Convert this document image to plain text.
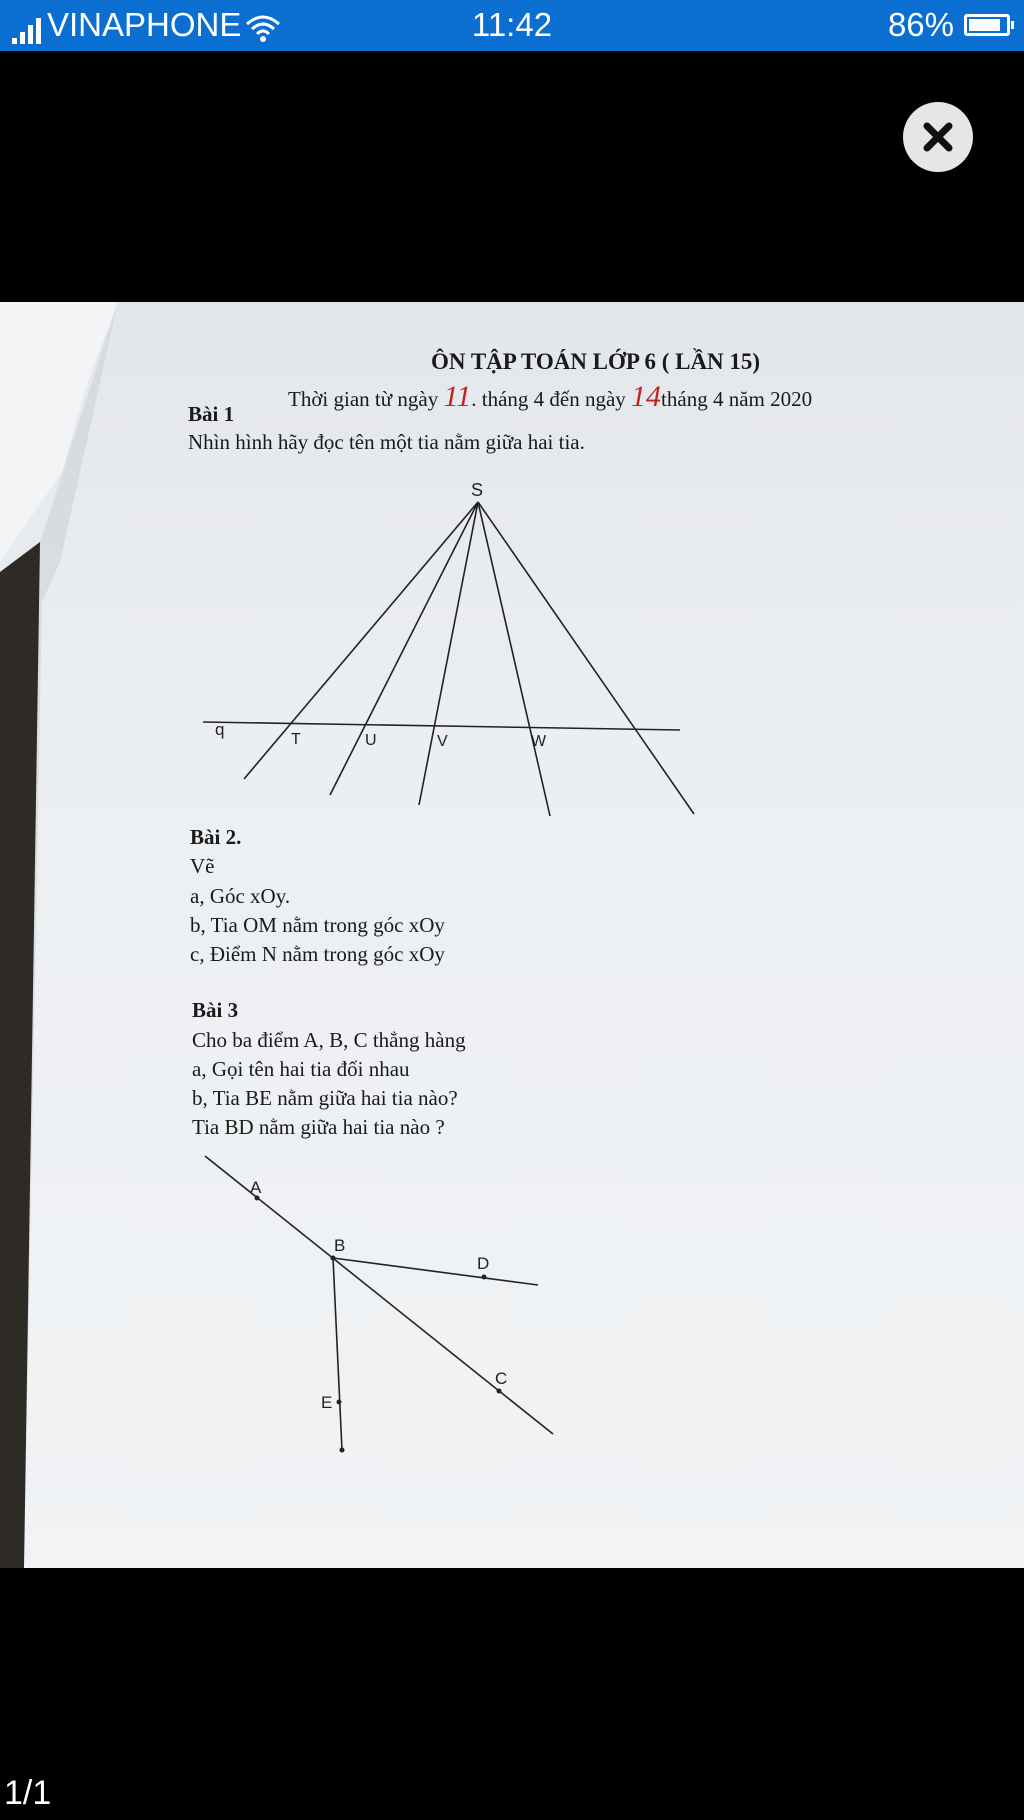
VINAPHONE	11:42	86%
ÔN TẬP TOÁN LỚP 6 ( LẦN 15)
Thời gian từ ngày 11. tháng 4 đến ngày 14tháng 4 năm 2020
Bài 1
Nhìn hình hãy đọc tên một tia nằm giữa hai tia.
S
q
T	U	V	W
Bài 2.
Vẽ
a, Góc xOy.
b, Tia OM nằm trong góc xOy
c, Điểm N nằm trong góc xOy
Bài 3
Cho ba điểm A, B, C thẳng hàng
a, Gọi tên hai tia đối nhau
b, Tia BE nằm giữa hai tia nào?
Tia BD nằm giữa hai tia nào ?
A
B
D
C
E
1/1
